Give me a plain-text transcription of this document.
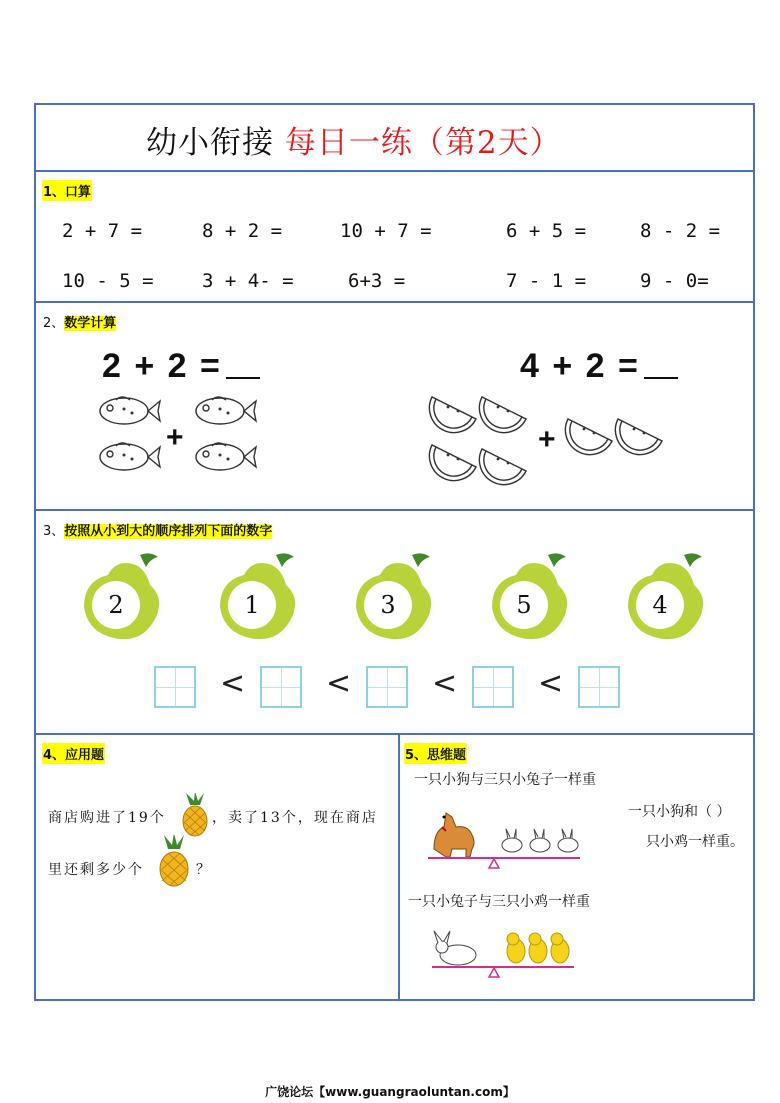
幼小衔接 每日一练（第2天）
1、口算
2 + 7 =	8 + 2 =	10 + 7 =	6 + 5 =	8 - 2 =
10 - 5 =	3 + 4- =	6+3 =	7 - 1 =	9 - 0=
2、数学计算
2 + 2 =	4 + 2 =
+	+
3、按照从小到大的顺序排列下面的数字
2	1	3	5	4
<	<	<	<
4、应用题
商店购进了19个	，卖了13个，现在商店
里还剩多少个	？
5、思维题
一只小狗与三只小兔子一样重
一只小狗和（ ）
只小鸡一样重。
一只小兔子与三只小鸡一样重
广饶论坛【www.guangraoluntan.com】
